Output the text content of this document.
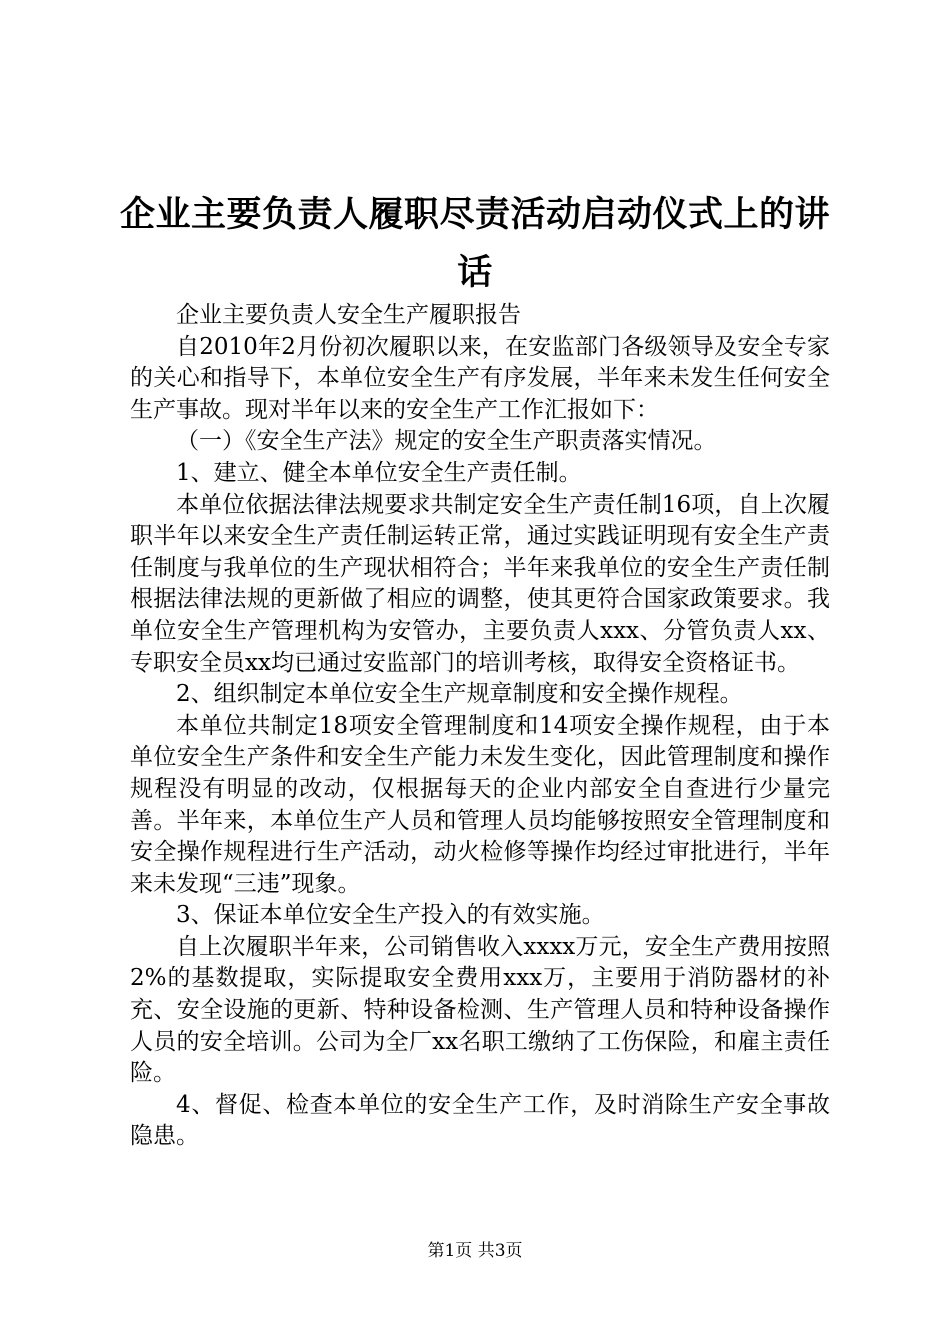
企业主要负责人履职尽责活动启动仪式上的讲话

企业主要负责人安全生产履职报告

自2010年2月份初次履职以来，在安监部门各级领导及安全专家的关心和指导下，本单位安全生产有序发展，半年来未发生任何安全生产事故。现对半年以来的安全生产工作汇报如下：

（一）《安全生产法》规定的安全生产职责落实情况。

1、建立、健全本单位安全生产责任制。

本单位依据法律法规要求共制定安全生产责任制16项，自上次履职半年以来安全生产责任制运转正常，通过实践证明现有安全生产责任制度与我单位的生产现状相符合；半年来我单位的安全生产责任制根据法律法规的更新做了相应的调整，使其更符合国家政策要求。我单位安全生产管理机构为安管办，主要负责人xxx、分管负责人xx、专职安全员xx均已通过安监部门的培训考核，取得安全资格证书。

2、组织制定本单位安全生产规章制度和安全操作规程。

本单位共制定18项安全管理制度和14项安全操作规程，由于本单位安全生产条件和安全生产能力未发生变化，因此管理制度和操作规程没有明显的改动，仅根据每天的企业内部安全自查进行少量完善。半年来，本单位生产人员和管理人员均能够按照安全管理制度和安全操作规程进行生产活动，动火检修等操作均经过审批进行，半年来未发现“三违”现象。

3、保证本单位安全生产投入的有效实施。

自上次履职半年来，公司销售收入xxxx万元，安全生产费用按照2%的基数提取，实际提取安全费用xxx万，主要用于消防器材的补充、安全设施的更新、特种设备检测、生产管理人员和特种设备操作人员的安全培训。公司为全厂xx名职工缴纳了工伤保险，和雇主责任险。

4、督促、检查本单位的安全生产工作，及时消除生产安全事故隐患。

第1页 共3页
